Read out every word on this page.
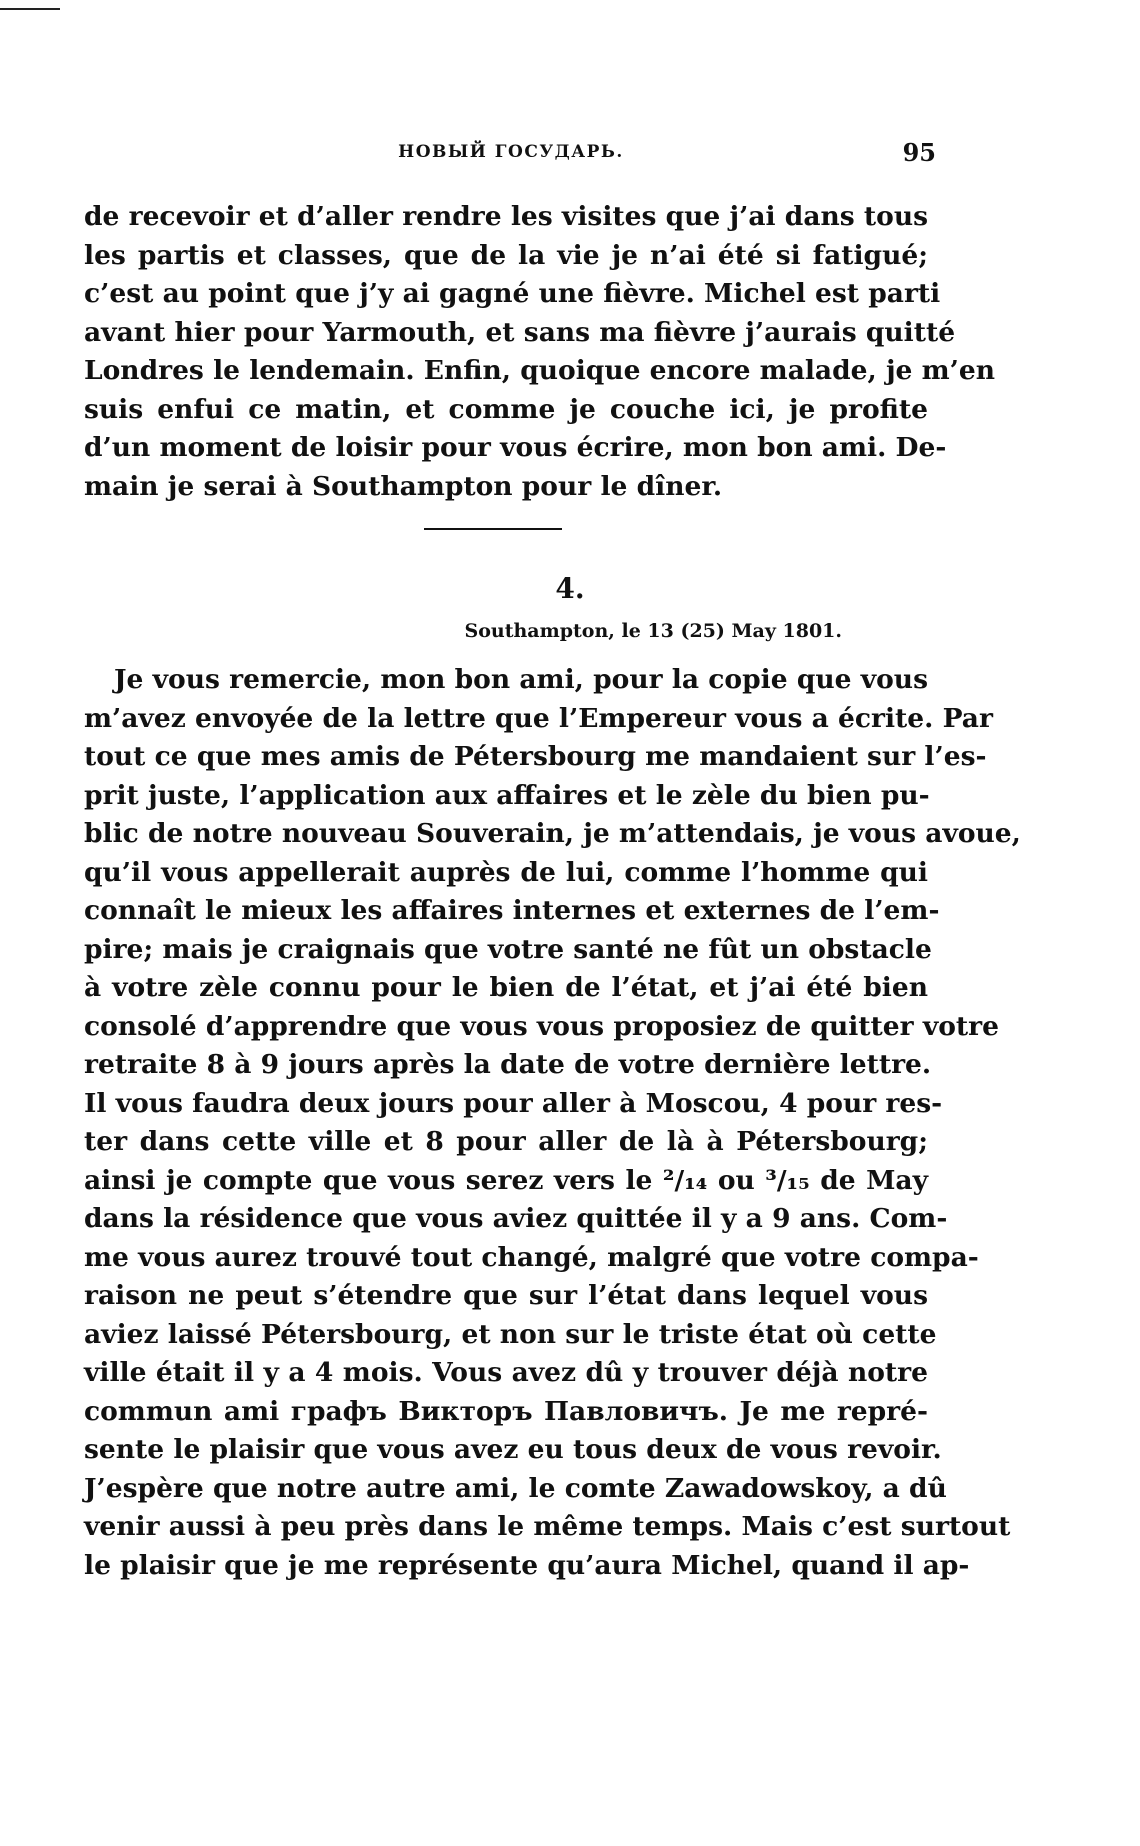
НОВЫЙ ГОСУДАРЬ.	95
de recevoir et d’aller rendre les visites que j’ai dans tous
les partis et classes, que de la vie je n’ai été si fatigué;
c’est au point que j’y ai gagné une fièvre. Michel est parti
avant hier pour Yarmouth, et sans ma fièvre j’aurais quitté
Londres le lendemain. Enfin, quoique encore malade, je m’en
suis enfui ce matin, et comme je couche ici, je profite
d’un moment de loisir pour vous écrire, mon bon ami. De-
main je serai à Southampton pour le dîner.
4.
Southampton, le 13 (25) May 1801.
Je vous remercie, mon bon ami, pour la copie que vous
m’avez envoyée de la lettre que l’Empereur vous a écrite. Par
tout ce que mes amis de Pétersbourg me mandaient sur l’es-
prit juste, l’application aux affaires et le zèle du bien pu-
blic de notre nouveau Souverain, je m’attendais, je vous avoue,
qu’il vous appellerait auprès de lui, comme l’homme qui
connaît le mieux les affaires internes et externes de l’em-
pire; mais je craignais que votre santé ne fût un obstacle
à votre zèle connu pour le bien de l’état, et j’ai été bien
consolé d’apprendre que vous vous proposiez de quitter votre
retraite 8 à 9 jours après la date de votre dernière lettre.
Il vous faudra deux jours pour aller à Moscou, 4 pour res-
ter dans cette ville et 8 pour aller de là à Pétersbourg;
ainsi je compte que vous serez vers le ²/₁₄ ou ³/₁₅ de May
dans la résidence que vous aviez quittée il y a 9 ans. Com-
me vous aurez trouvé tout changé, malgré que votre compa-
raison ne peut s’étendre que sur l’état dans lequel vous
aviez laissé Pétersbourg, et non sur le triste état où cette
ville était il y a 4 mois. Vous avez dû y trouver déjà notre
commun ami графъ Викторъ Павловичъ. Je me repré-
sente le plaisir que vous avez eu tous deux de vous revoir.
J’espère que notre autre ami, le comte Zawadowskoy, a dû
venir aussi à peu près dans le même temps. Mais c’est surtout
le plaisir que je me représente qu’aura Michel, quand il ap-
